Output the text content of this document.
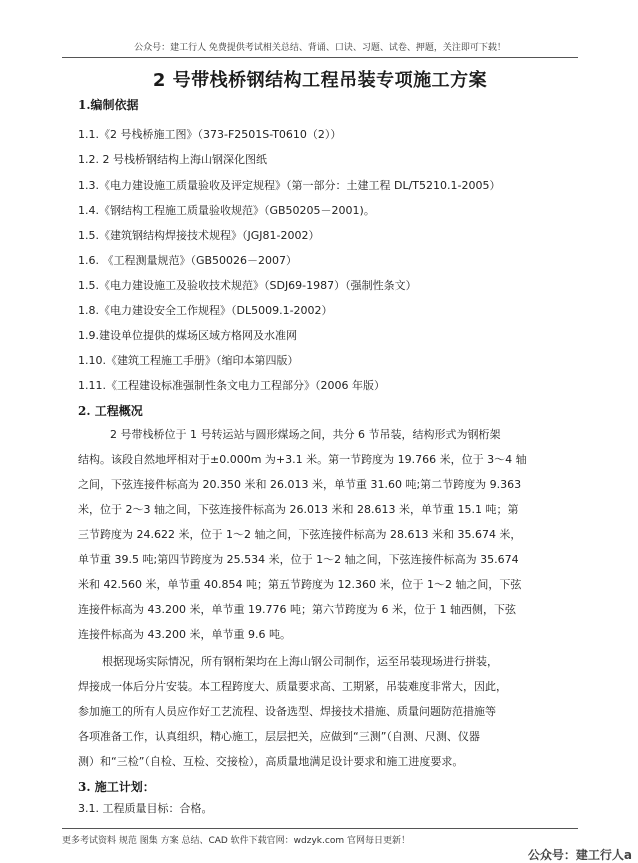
公众号：建工行人 免费提供考试相关总结、背诵、口诀、习题、试卷、押题，关注即可下载！
2 号带栈桥钢结构工程吊装专项施工方案
1.编制依据
1.1.《2 号栈桥施工图》（373-F2501S-T0610（2））
1.2. 2 号栈桥钢结构上海山钢深化图纸
1.3.《电力建设施工质量验收及评定规程》（第一部分：土建工程 DL/T5210.1-2005）
1.4.《钢结构工程施工质量验收规范》（GB50205－2001)。
1.5.《建筑钢结构焊接技术规程》（JGJ81-2002）
1.6. 《工程测量规范》（GB50026－2007）
1.5.《电力建设施工及验收技术规范》（SDJ69-1987）（强制性条文）
1.8.《电力建设安全工作规程》（DL5009.1-2002）
1.9.建设单位提供的煤场区域方格网及水准网
1.10.《建筑工程施工手册》（缩印本第四版）
1.11.《工程建设标准强制性条文电力工程部分》（2006 年版）
2. 工程概况
2 号带栈桥位于 1 号转运站与圆形煤场之间，共分 6 节吊装，结构形式为钢桁架
结构。该段自然地坪相对于±0.000m 为+3.1 米。第一节跨度为 19.766 米，位于 3～4 轴
之间，下弦连接件标高为 20.350 米和 26.013 米，单节重 31.60 吨;第二节跨度为 9.363
米，位于 2～3 轴之间，下弦连接件标高为 26.013 米和 28.613 米，单节重 15.1 吨；第
三节跨度为 24.622 米，位于 1～2 轴之间，下弦连接件标高为 28.613 米和 35.674 米，
单节重 39.5 吨;第四节跨度为 25.534 米，位于 1～2 轴之间，下弦连接件标高为 35.674
米和 42.560 米，单节重 40.854 吨；第五节跨度为 12.360 米，位于 1～2 轴之间，下弦
连接件标高为 43.200 米，单节重 19.776 吨；第六节跨度为 6 米，位于 1 轴西侧，下弦
连接件标高为 43.200 米，单节重 9.6 吨。
根据现场实际情况，所有钢桁架均在上海山钢公司制作，运至吊装现场进行拼装，
焊接成一体后分片安装。本工程跨度大、质量要求高、工期紧，吊装难度非常大，因此，
参加施工的所有人员应作好工艺流程、设备选型、焊接技术措施、质量问题防范措施等
各项准备工作，认真组织，精心施工，层层把关，应做到“三测”（自测、尺测、仪器
测）和“三检”（自检、互检、交接检），高质量地满足设计要求和施工进度要求。
3. 施工计划：
3.1. 工程质量目标：合格。
更多考试资料 规范 图集 方案 总结、CAD 软件下载官网：wdzyk.com 官网每日更新！
公众号：建工行人a
